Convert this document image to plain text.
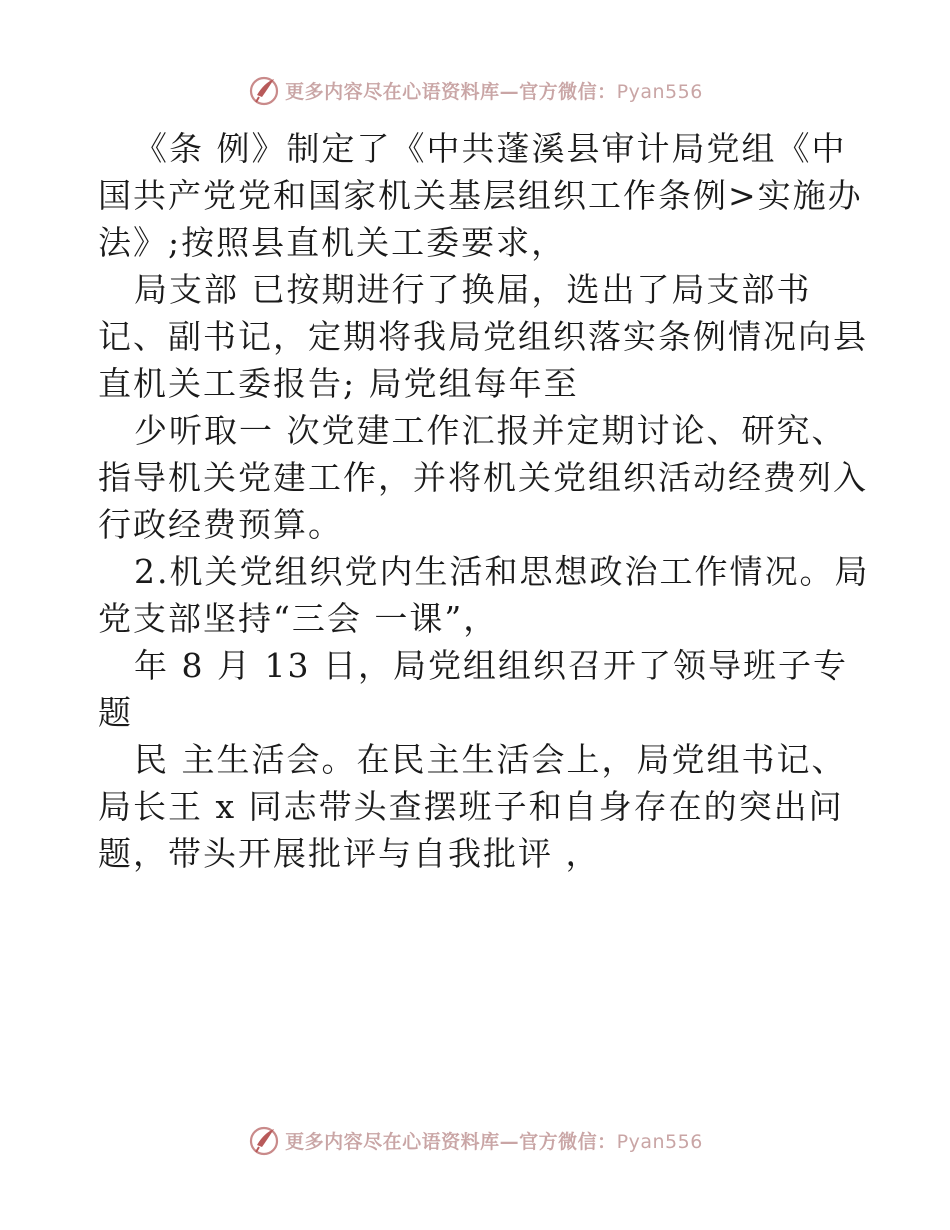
更多内容尽在心语资料库—官方微信：Pyan556

《条 例》制定了《中共蓬溪县审计局党组《中

国共产党党和国家机关基层组织工作条例>实施办

法》;按照县直机关工委要求，

局支部 已按期进行了换届，选出了局支部书

记、副书记，定期将我局党组织落实条例情况向县

直机关工委报告; 局党组每年至

少听取一 次党建工作汇报并定期讨论、研究、

指导机关党建工作，并将机关党组织活动经费列入

行政经费预算。

2.机关党组织党内生活和思想政治工作情况。局

党支部坚持“三会 一课”，

年 8 月 13 日，局党组组织召开了领导班子专

题

民 主生活会。在民主生活会上，局党组书记、

局长王 x 同志带头查摆班子和自身存在的突出问

题，带头开展批评与自我批评 ，

更多内容尽在心语资料库—官方微信：Pyan556
